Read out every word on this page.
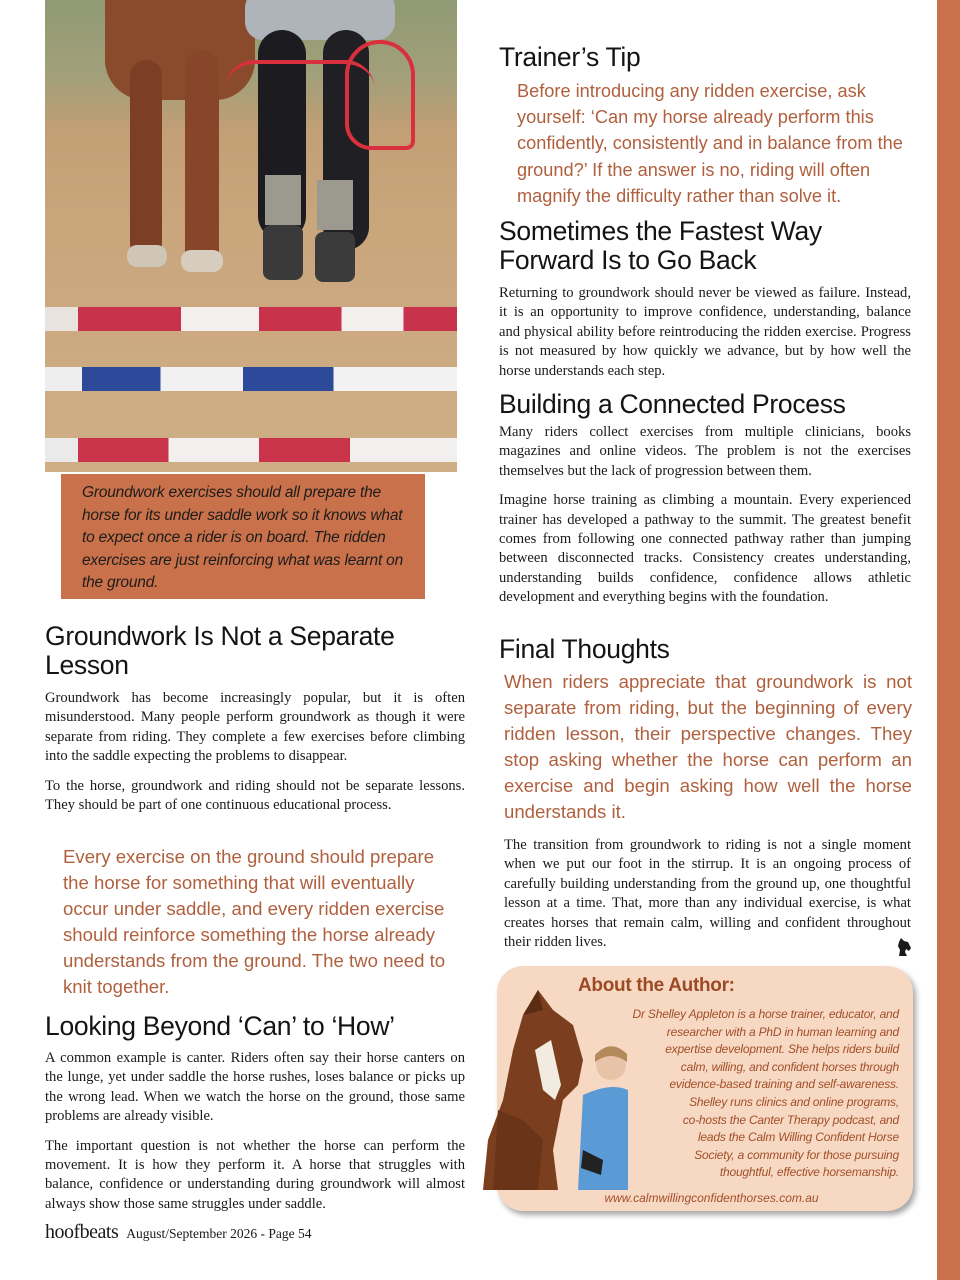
Groundwork exercises should all prepare the horse for its under saddle work so it knows what to expect once a rider is on board. The ridden exercises are just reinforcing what was learnt on the ground.

Groundwork Is Not a Separate
Lesson

Groundwork has become increasingly popular, but it is often misunderstood. Many people perform groundwork as though it were separate from riding. They complete a few exercises before climbing into the saddle expecting the problems to disappear.

To the horse, groundwork and riding should not be separate lessons. They should be part of one continuous educational process.

Every exercise on the ground should prepare the horse for something that will eventually occur under saddle, and every ridden exercise should reinforce something the horse already understands from the ground. The two need to knit together.
Looking Beyond ‘Can’ to ‘How’

A common example is canter. Riders often say their horse canters on the lunge, yet under saddle the horse rushes, loses balance or picks up the wrong lead. When we watch the horse on the ground, those same problems are already visible.

The important question is not whether the horse can perform the movement. It is how they perform it. A horse that struggles with balance, confidence or understanding during groundwork will almost always show those same struggles under saddle.

Trainer’s Tip
Before introducing any ridden exercise, ask yourself: ‘Can my horse already perform this confidently, consistently and in balance from the ground?’ If the answer is no, riding will often magnify the difficulty rather than solve it.
Sometimes the Fastest Way
Forward Is to Go Back

Returning to groundwork should never be viewed as failure. Instead, it is an opportunity to improve confidence, understanding, balance and physical ability before reintroducing the ridden exercise. Progress is not measured by how quickly we advance, but by how well the horse understands each step.

Building a Connected Process

Many riders collect exercises from multiple clinicians, books magazines and online videos. The problem is not the exercises themselves but the lack of progression between them.

Imagine horse training as climbing a mountain. Every experienced trainer has developed a pathway to the summit. The greatest benefit comes from following one connected pathway rather than jumping between disconnected tracks. Consistency creates understanding, understanding builds confidence, confidence allows athletic development and everything begins with the foundation.

Final Thoughts
When riders appreciate that groundwork is not separate from riding, but the beginning of every ridden lesson, their perspective changes. They stop asking whether the horse can perform an exercise and begin asking how well the horse understands it.

The transition from groundwork to riding is not a single moment when we put our foot in the stirrup. It is an ongoing process of carefully building understanding from the ground up, one thoughtful lesson at a time. That, more than any individual exercise, is what creates horses that remain calm, willing and confident throughout their ridden lives.

About the Author:
Dr Shelley Appleton is a horse trainer, educator, and
researcher with a PhD in human learning and
expertise development. She helps riders build
calm, willing, and confident horses through
evidence-based training and self-awareness.
Shelley runs clinics and online programs,
co-hosts the Canter Therapy podcast, and
leads the Calm Willing Confident Horse
Society, a community for those pursuing
thoughtful, effective horsemanship.
www.calmwillingconfidenthorses.com.au
hoofbeats August/September 2026 - Page 54
